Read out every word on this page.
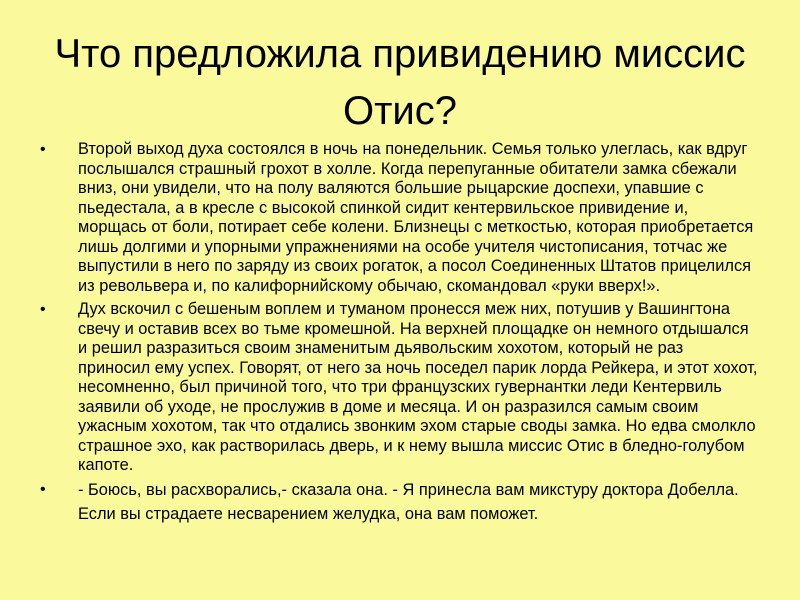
Что предложила привидению миссис Отис?
•	Второй выход духа состоялся в ночь на понедельник. Семья только улеглась, как вдруг послышался страшный грохот в холле. Когда перепуганные обитатели замка сбежали вниз, они увидели, что на полу валяются большие рыцарские доспехи, упавшие с пьедестала, а в кресле с высокой спинкой сидит кентервильское привидение и, морщась от боли, потирает себе колени. Близнецы с меткостью, которая приобретается лишь долгими и упорными упражнениями на особе учителя чистописания, тотчас же выпустили в него по заряду из своих рогаток, а посол Соединенных Штатов прицелился из револьвера и, по калифорнийскому обычаю, скомандовал «руки вверх!».
•	Дух вскочил с бешеным воплем и туманом пронесся меж них, потушив у Вашингтона свечу и оставив всех во тьме кромешной. На верхней площадке он немного отдышался и решил разразиться своим знаменитым дьявольским хохотом, который не раз приносил ему успех. Говорят, от него за ночь поседел парик лорда Рейкера, и этот хохот, несомненно, был причиной того, что три французских гувернантки леди Кентервиль заявили об уходе, не прослужив в доме и месяца. И он разразился самым своим ужасным хохотом, так что отдались звонким эхом старые своды замка. Но едва смолкло страшное эхо, как растворилась дверь, и к нему вышла миссис Отис в бледно-голубом капоте.
•	- Боюсь, вы расхворались,- сказала она. - Я принесла вам микстуру доктора Добелла. Если вы страдаете несварением желудка, она вам поможет.
